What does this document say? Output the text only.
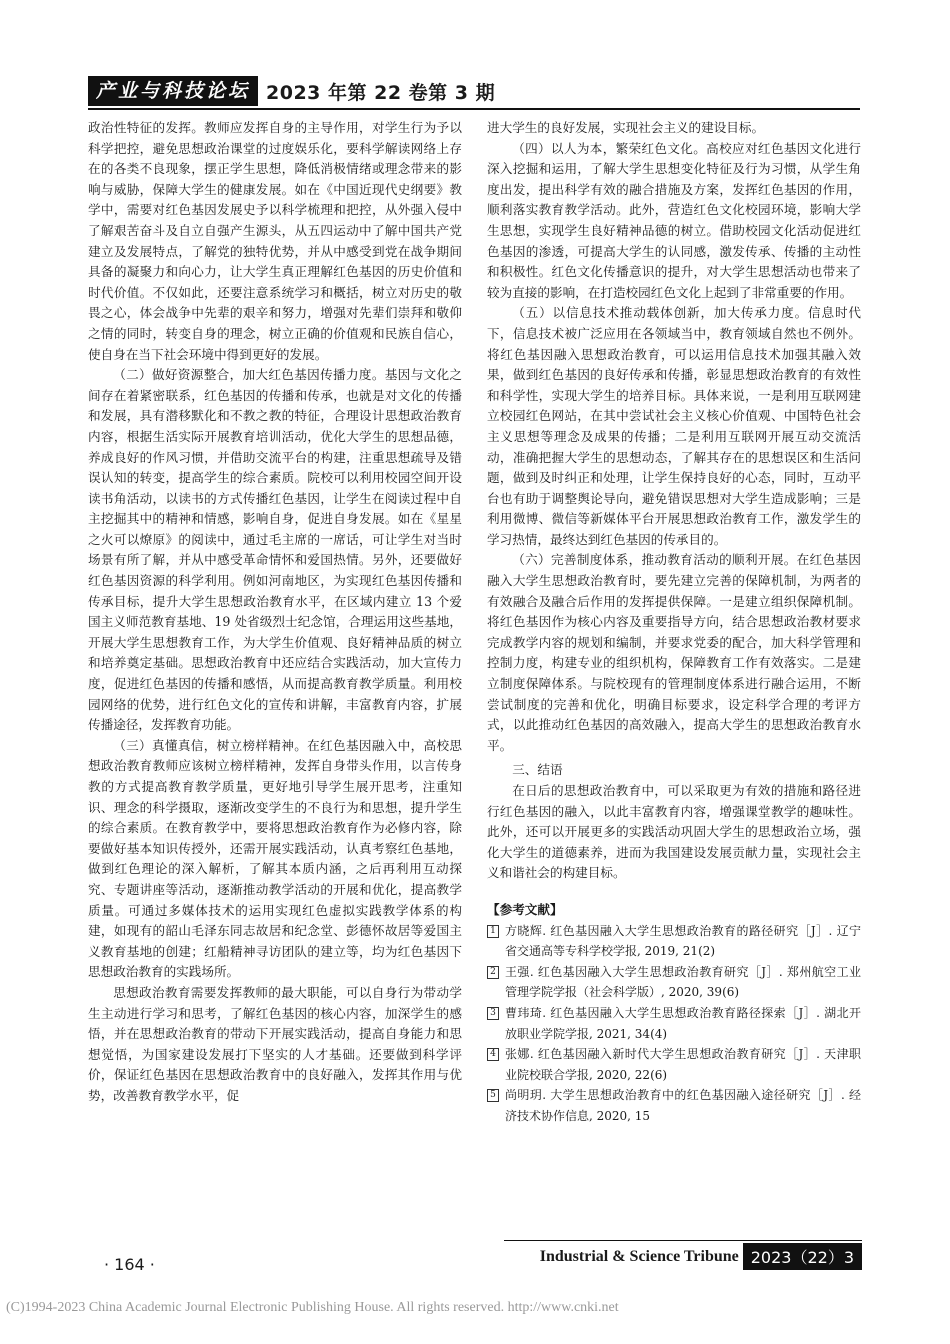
产业与科技论坛 2023 年第 22 卷第 3 期

政治性特征的发挥。教师应发挥自身的主导作用，对学生行为予以科学把控，避免思想政治课堂的过度娱乐化，要科学解读网络上存在的各类不良现象，摆正学生思想，降低消极情绪或理念带来的影响与威胁，保障大学生的健康发展。如在《中国近现代史纲要》教学中，需要对红色基因发展史予以科学梳理和把控，从外强入侵中了解艰苦奋斗及自立自强产生源头，从五四运动中了解中国共产党建立及发展特点，了解党的独特优势，并从中感受到党在战争期间具备的凝聚力和向心力，让大学生真正理解红色基因的历史价值和时代价值。不仅如此，还要注意系统学习和概括，树立对历史的敬畏之心，体会战争中先辈的艰辛和努力，增强对先辈们崇拜和敬仰之情的同时，转变自身的理念，树立正确的价值观和民族自信心，使自身在当下社会环境中得到更好的发展。

（二）做好资源整合，加大红色基因传播力度。基因与文化之间存在着紧密联系，红色基因的传播和传承，也就是对文化的传播和发展，具有潜移默化和不教之教的特征，合理设计思想政治教育内容，根据生活实际开展教育培训活动，优化大学生的思想品德，养成良好的作风习惯，并借助交流平台的构建，注重思想疏导及错误认知的转变，提高学生的综合素质。院校可以利用校园空间开设读书角活动，以读书的方式传播红色基因，让学生在阅读过程中自主挖掘其中的精神和情感，影响自身，促进自身发展。如在《星星之火可以燎原》的阅读中，通过毛主席的一席话，可让学生对当时场景有所了解，并从中感受革命情怀和爱国热情。另外，还要做好红色基因资源的科学利用。例如河南地区，为实现红色基因传播和传承目标，提升大学生思想政治教育水平，在区域内建立 13 个爱国主义师范教育基地、19 处省级烈士纪念馆，合理运用这些基地，开展大学生思想教育工作，为大学生价值观、良好精神品质的树立和培养奠定基础。思想政治教育中还应结合实践活动，加大宣传力度，促进红色基因的传播和感悟，从而提高教育教学质量。利用校园网络的优势，进行红色文化的宣传和讲解，丰富教育内容，扩展传播途径，发挥教育功能。

（三）真懂真信，树立榜样精神。在红色基因融入中，高校思想政治教育教师应该树立榜样精神，发挥自身带头作用，以言传身教的方式提高教育教学质量，更好地引导学生展开思考，注重知识、理念的科学摄取，逐渐改变学生的不良行为和思想，提升学生的综合素质。在教育教学中，要将思想政治教育作为必修内容，除要做好基本知识传授外，还需开展实践活动，认真考察红色基地，做到红色理论的深入解析，了解其本质内涵，之后再利用互动探究、专题讲座等活动，逐渐推动教学活动的开展和优化，提高教学质量。可通过多媒体技术的运用实现红色虚拟实践教学体系的构建，如现有的韶山毛泽东同志故居和纪念堂、彭德怀故居等爱国主义教育基地的创建；红船精神寻访团队的建立等，均为红色基因下思想政治教育的实践场所。

思想政治教育需要发挥教师的最大职能，可以自身行为带动学生主动进行学习和思考，了解红色基因的核心内容，加深学生的感悟，并在思想政治教育的带动下开展实践活动，提高自身能力和思想觉悟，为国家建设发展打下坚实的人才基础。还要做到科学评价，保证红色基因在思想政治教育中的良好融入，发挥其作用与优势，改善教育教学水平，促

进大学生的良好发展，实现社会主义的建设目标。

（四）以人为本，繁荣红色文化。高校应对红色基因文化进行深入挖掘和运用，了解大学生思想变化特征及行为习惯，从学生角度出发，提出科学有效的融合措施及方案，发挥红色基因的作用，顺利落实教育教学活动。此外，营造红色文化校园环境，影响大学生思想，实现学生良好精神品德的树立。借助校园文化活动促进红色基因的渗透，可提高大学生的认同感，激发传承、传播的主动性和积极性。红色文化传播意识的提升，对大学生思想活动也带来了较为直接的影响，在打造校园红色文化上起到了非常重要的作用。

（五）以信息技术推动载体创新，加大传承力度。信息时代下，信息技术被广泛应用在各领域当中，教育领域自然也不例外。将红色基因融入思想政治教育，可以运用信息技术加强其融入效果，做到红色基因的良好传承和传播，彰显思想政治教育的有效性和科学性，实现大学生的培养目标。具体来说，一是利用互联网建立校园红色网站，在其中尝试社会主义核心价值观、中国特色社会主义思想等理念及成果的传播；二是利用互联网开展互动交流活动，准确把握大学生的思想动态，了解其存在的思想误区和生活问题，做到及时纠正和处理，让学生保持良好的心态，同时，互动平台也有助于调整舆论导向，避免错误思想对大学生造成影响；三是利用微博、微信等新媒体平台开展思想政治教育工作，激发学生的学习热情，最终达到红色基因的传承目的。

（六）完善制度体系，推动教育活动的顺利开展。在红色基因融入大学生思想政治教育时，要先建立完善的保障机制，为两者的有效融合及融合后作用的发挥提供保障。一是建立组织保障机制。将红色基因作为核心内容及重要指导方向，结合思想政治教材要求完成教学内容的规划和编制，并要求党委的配合，加大科学管理和控制力度，构建专业的组织机构，保障教育工作有效落实。二是建立制度保障体系。与院校现有的管理制度体系进行融合运用，不断尝试制度的完善和优化，明确目标要求，设定科学合理的考评方式，以此推动红色基因的高效融入，提高大学生的思想政治教育水平。

三、结语

在日后的思想政治教育中，可以采取更为有效的措施和路径进行红色基因的融入，以此丰富教育内容，增强课堂教学的趣味性。此外，还可以开展更多的实践活动巩固大学生的思想政治立场，强化大学生的道德素养，进而为我国建设发展贡献力量，实现社会主义和谐社会的构建目标。

【参考文献】
1 方晓辉. 红色基因融入大学生思想政治教育的路径研究［J］. 辽宁省交通高等专科学校学报, 2019, 21(2)
2 王强. 红色基因融入大学生思想政治教育研究［J］. 郑州航空工业管理学院学报（社会科学版）, 2020, 39(6)
3 曹玮琦. 红色基因融入大学生思想政治教育路径探索［J］. 湖北开放职业学院学报, 2021, 34(4)
4 张娜. 红色基因融入新时代大学生思想政治教育研究［J］. 天津职业院校联合学报, 2020, 22(6)
5 尚明玥. 大学生思想政治教育中的红色基因融入途径研究［J］. 经济技术协作信息, 2020, 15
· 164 ·	Industrial & Science Tribune 2023（22）3
(C)1994-2023 China Academic Journal Electronic Publishing House. All rights reserved. http://www.cnki.net
